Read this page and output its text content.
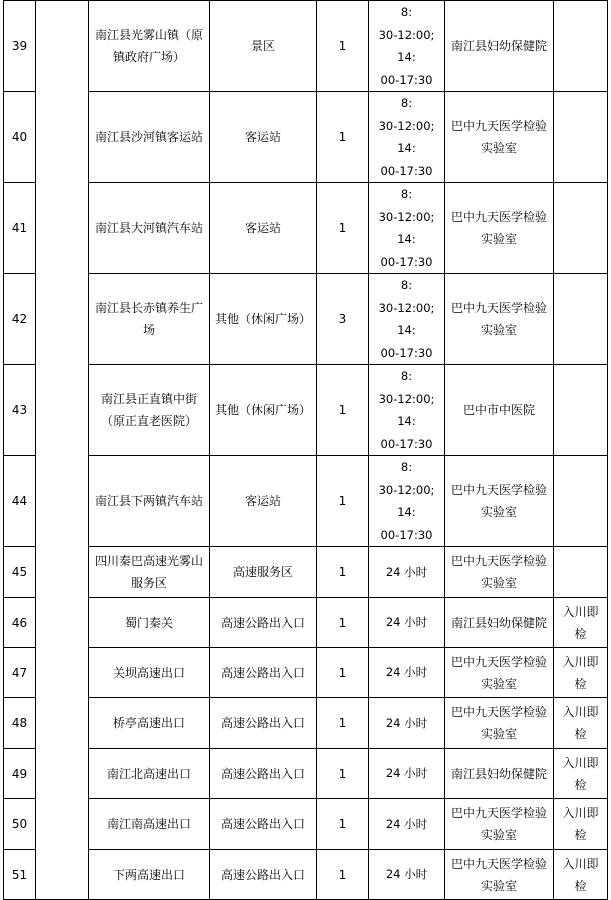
39		南江县光雾山镇（原镇政府广场）	景区	1	8:
30-12:00;
14:
00-17:30	南江县妇幼保健院	
40		南江县沙河镇客运站	客运站	1	8:
30-12:00;
14:
00-17:30	巴中九天医学检验实验室	
41		南江县大河镇汽车站	客运站	1	8:
30-12:00;
14:
00-17:30	巴中九天医学检验实验室	
42		南江县长赤镇养生广场	其他（休闲广场）	3	8:
30-12:00;
14:
00-17:30	巴中九天医学检验实验室	
43		南江县正直镇中街（原正直老医院）	其他（休闲广场）	1	8:
30-12:00;
14:
00-17:30	巴中市中医院	
44		南江县下两镇汽车站	客运站	1	8:
30-12:00;
14:
00-17:30	巴中九天医学检验实验室	
45		四川秦巴高速光雾山服务区	高速服务区	1	24 小时	巴中九天医学检验实验室	
46		蜀门秦关	高速公路出入口	1	24 小时	南江县妇幼保健院	入川即检
47		关坝高速出口	高速公路出入口	1	24 小时	巴中九天医学检验实验室	入川即检
48		桥亭高速出口	高速公路出入口	1	24 小时	巴中九天医学检验实验室	入川即检
49		南江北高速出口	高速公路出入口	1	24 小时	南江县妇幼保健院	入川即检
50		南江南高速出口	高速公路出入口	1	24 小时	巴中九天医学检验实验室	入川即检
51		下两高速出口	高速公路出入口	1	24 小时	巴中九天医学检验实验室	入川即检
